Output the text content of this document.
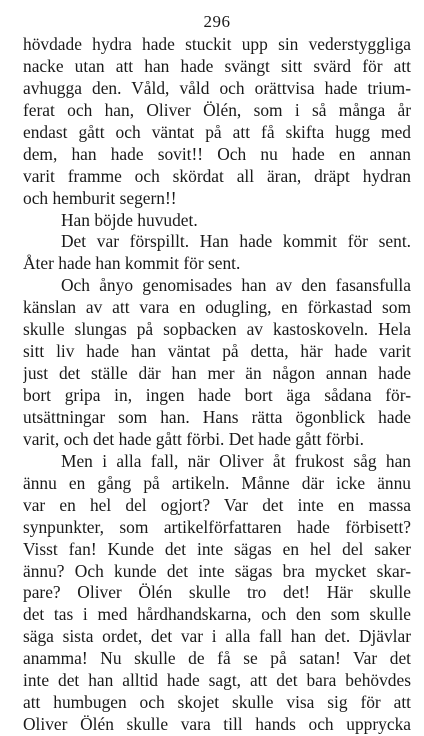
296
hövdade hydra hade stuckit upp sin vederstyggliga
nacke utan att han hade svängt sitt svärd för att
avhugga den. Våld, våld och orättvisa hade trium-
ferat och han, Oliver Ölén, som i så många år
endast gått och väntat på att få skifta hugg med
dem, han hade sovit!! Och nu hade en annan
varit framme och skördat all äran, dräpt hydran
och hemburit segern!!
Han böjde huvudet.
Det var förspillt. Han hade kommit för sent.
Åter hade han kommit för sent.
Och ånyo genomisades han av den fasansfulla
känslan av att vara en odugling, en förkastad som
skulle slungas på sopbacken av kastoskoveln. Hela
sitt liv hade han väntat på detta, här hade varit
just det ställe där han mer än någon annan hade
bort gripa in, ingen hade bort äga sådana för-
utsättningar som han. Hans rätta ögonblick hade
varit, och det hade gått förbi. Det hade gått förbi.
Men i alla fall, när Oliver åt frukost såg han
ännu en gång på artikeln. Månne där icke ännu
var en hel del ogjort? Var det inte en massa
synpunkter, som artikelförfattaren hade förbisett?
Visst fan! Kunde det inte sägas en hel del saker
ännu? Och kunde det inte sägas bra mycket skar-
pare? Oliver Ölén skulle tro det! Här skulle
det tas i med hårdhandskarna, och den som skulle
säga sista ordet, det var i alla fall han det. Djävlar
anamma! Nu skulle de få se på satan! Var det
inte det han alltid hade sagt, att det bara behövdes
att humbugen och skojet skulle visa sig för att
Oliver Ölén skulle vara till hands och upprycka
